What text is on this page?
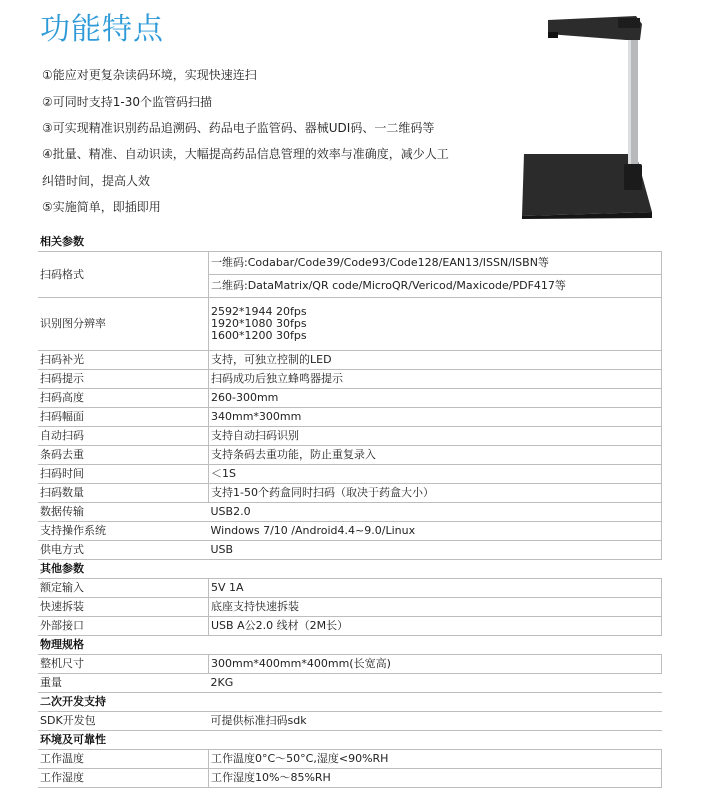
功能特点
①能应对更复杂读码环境，实现快速连扫
②可同时支持1-30个监管码扫描
③可实现精准识别药品追溯码、药品电子监管码、器械UDI码、一二维码等
④批量、精准、自动识读，大幅提高药品信息管理的效率与准确度，减少人工
纠错时间，提高人效
⑤实施简单，即插即用
相关参数	
扫码格式	一维码:Codabar/Code39/Code93/Code128/EAN13/ISSN/ISBN等
二维码:DataMatrix/QR code/MicroQR/Vericod/Maxicode/PDF417等

识别图分辨率	2592*1944 20fps
1920*1080 30fps
1600*1200 30fps

扫码补光	支持，可独立控制的LED
扫码提示	扫码成功后独立蜂鸣器提示
扫码高度	260-300mm
扫码幅面	340mm*300mm
自动扫码	支持自动扫码识别
条码去重	支持条码去重功能，防止重复录入
扫码时间	＜1S
扫码数量	支持1-50个药盒同时扫码（取决于药盒大小）
数据传输	USB2.0
支持操作系统	Windows 7/10 /Android4.4~9.0/Linux
供电方式	USB
其他参数	
额定输入	5V 1A
快速拆装	底座支持快速拆装
外部接口	USB A公2.0 线材（2M长）
物理规格	
整机尺寸	300mm*400mm*400mm(长宽高)
重量	2KG
二次开发支持	
SDK开发包	可提供标准扫码sdk
环境及可靠性	
工作温度	工作温度0°C～50°C,湿度<90%RH
工作湿度	工作湿度10%～85%RH
